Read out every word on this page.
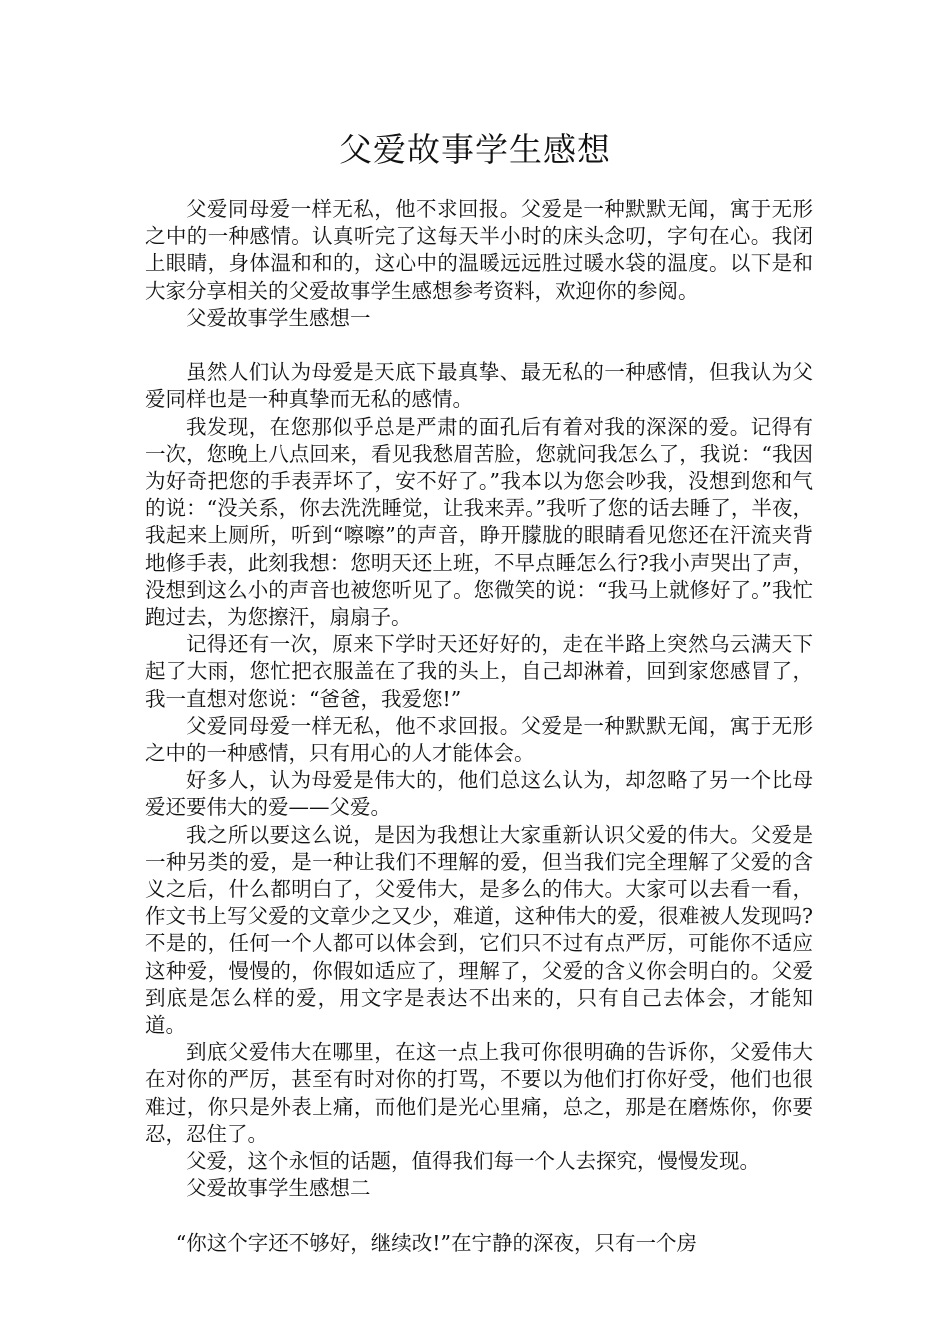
父爱故事学生感想

父爱同母爱一样无私，他不求回报。父爱是一种默默无闻，寓于无形之中的一种感情。认真听完了这每天半小时的床头念叨，字句在心。我闭上眼睛，身体温和和的，这心中的温暖远远胜过暖水袋的温度。以下是和大家分享相关的父爱故事学生感想参考资料，欢迎你的参阅。

父爱故事学生感想一

虽然人们认为母爱是天底下最真挚、最无私的一种感情，但我认为父爱同样也是一种真挚而无私的感情。

我发现，在您那似乎总是严肃的面孔后有着对我的深深的爱。记得有一次，您晚上八点回来，看见我愁眉苦脸，您就问我怎么了，我说：“我因为好奇把您的手表弄坏了，安不好了。”我本以为您会吵我，没想到您和气的说：“没关系，你去洗洗睡觉，让我来弄。”我听了您的话去睡了，半夜，我起来上厕所，听到“嚓嚓”的声音，睁开朦胧的眼睛看见您还在汗流夹背地修手表，此刻我想：您明天还上班，不早点睡怎么行?我小声哭出了声，没想到这么小的声音也被您听见了。您微笑的说：“我马上就修好了。”我忙跑过去，为您擦汗，扇扇子。

记得还有一次，原来下学时天还好好的，走在半路上突然乌云满天下起了大雨，您忙把衣服盖在了我的头上，自己却淋着，回到家您感冒了，我一直想对您说：“爸爸，我爱您!”

父爱同母爱一样无私，他不求回报。父爱是一种默默无闻，寓于无形之中的一种感情，只有用心的人才能体会。

好多人，认为母爱是伟大的，他们总这么认为，却忽略了另一个比母爱还要伟大的爱——父爱。

我之所以要这么说，是因为我想让大家重新认识父爱的伟大。父爱是一种另类的爱，是一种让我们不理解的爱，但当我们完全理解了父爱的含义之后，什么都明白了，父爱伟大，是多么的伟大。大家可以去看一看，作文书上写父爱的文章少之又少，难道，这种伟大的爱，很难被人发现吗?不是的，任何一个人都可以体会到，它们只不过有点严厉，可能你不适应这种爱，慢慢的，你假如适应了，理解了，父爱的含义你会明白的。父爱到底是怎么样的爱，用文字是表达不出来的，只有自己去体会，才能知道。

到底父爱伟大在哪里，在这一点上我可你很明确的告诉你，父爱伟大在对你的严厉，甚至有时对你的打骂，不要以为他们打你好受，他们也很难过，你只是外表上痛，而他们是光心里痛，总之，那是在磨炼你，你要忍，忍住了。

父爱，这个永恒的话题，值得我们每一个人去探究，慢慢发现。

父爱故事学生感想二

“你这个字还不够好，继续改!”在宁静的深夜，只有一个房
